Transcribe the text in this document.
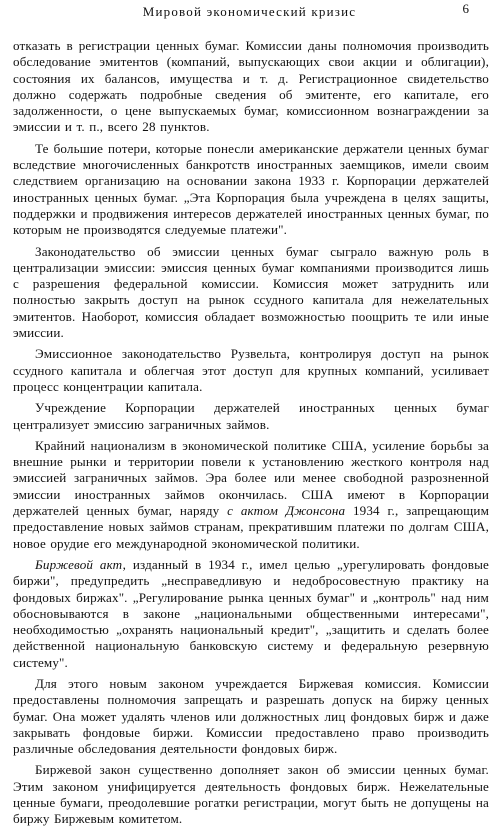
Мировой экономический кризис	6

отказать в регистрации ценных бумаг. Комиссии даны полномочия производить обследование эмитентов (компаний, выпускающих свои акции и облигации), состояния их балансов, имущества и т. д. Регистрационное свидетельство должно содержать подробные сведения об эмитенте, его капитале, его задолженности, о цене выпускаемых бумаг, комиссионном вознаграждении за эмиссии и т. п., всего 28 пунктов.

Те большие потери, которые понесли американские держатели ценных бумаг вследствие многочисленных банкротств иностранных заемщиков, имели своим следствием организацию на основании закона 1933 г. Корпорации держателей иностранных ценных бумаг. „Эта Корпорация была учреждена в целях защиты, поддержки и продвижения интересов держателей иностранных ценных бумаг, по которым не производятся следуемые платежи".

Законодательство об эмиссии ценных бумаг сыграло важную роль в централизации эмиссии: эмиссия ценных бумаг компаниями производится лишь с разрешения федеральной комиссии. Комиссия может затруднить или полностью закрыть доступ на рынок ссудного капитала для нежелательных эмитентов. Наоборот, комиссия обладает возможностью поощрить те или иные эмиссии.

Эмиссионное законодательство Рузвельта, контролируя доступ на рынок ссудного капитала и облегчая этот доступ для крупных компаний, усиливает процесс концентрации капитала.

Учреждение Корпорации держателей иностранных ценных бумаг централизует эмиссию заграничных займов.

Крайний национализм в экономической политике США, усиление борьбы за внешние рынки и территории повели к установлению жесткого контроля над эмиссией заграничных займов. Эра более или менее свободной разрозненной эмиссии иностранных займов окончилась. США имеют в Корпорации держателей ценных бумаг, наряду с актом Джонсона 1934 г., запрещающим предоставление новых займов странам, прекратившим платежи по долгам США, новое орудие его международной экономической политики.

Биржевой акт, изданный в 1934 г., имел целью „урегулировать фондовые биржи", предупредить „несправедливую и недобросовестную практику на фондовых биржах". „Регулирование рынка ценных бумаг" и „контроль" над ним обосновываются в законе „национальными общественными интересами", необходимостью „охранять национальный кредит", „защитить и сделать более действенной национальную банковскую систему и федеральную резервную систему".

Для этого новым законом учреждается Биржевая комиссия. Комиссии предоставлены полномочия запрещать и разрешать допуск на биржу ценных бумаг. Она может удалять членов или должностных лиц фондовых бирж и даже закрывать фондовые биржи. Комиссии предоставлено право производить различные обследования деятельности фондовых бирж.

Биржевой закон существенно дополняет закон об эмиссии ценных бумаг. Этим законом унифицируется деятельность фондовых бирж. Нежелательные ценные бумаги, преодолевшие рогатки регистрации, могут быть не допущены на биржу Биржевым комитетом.
